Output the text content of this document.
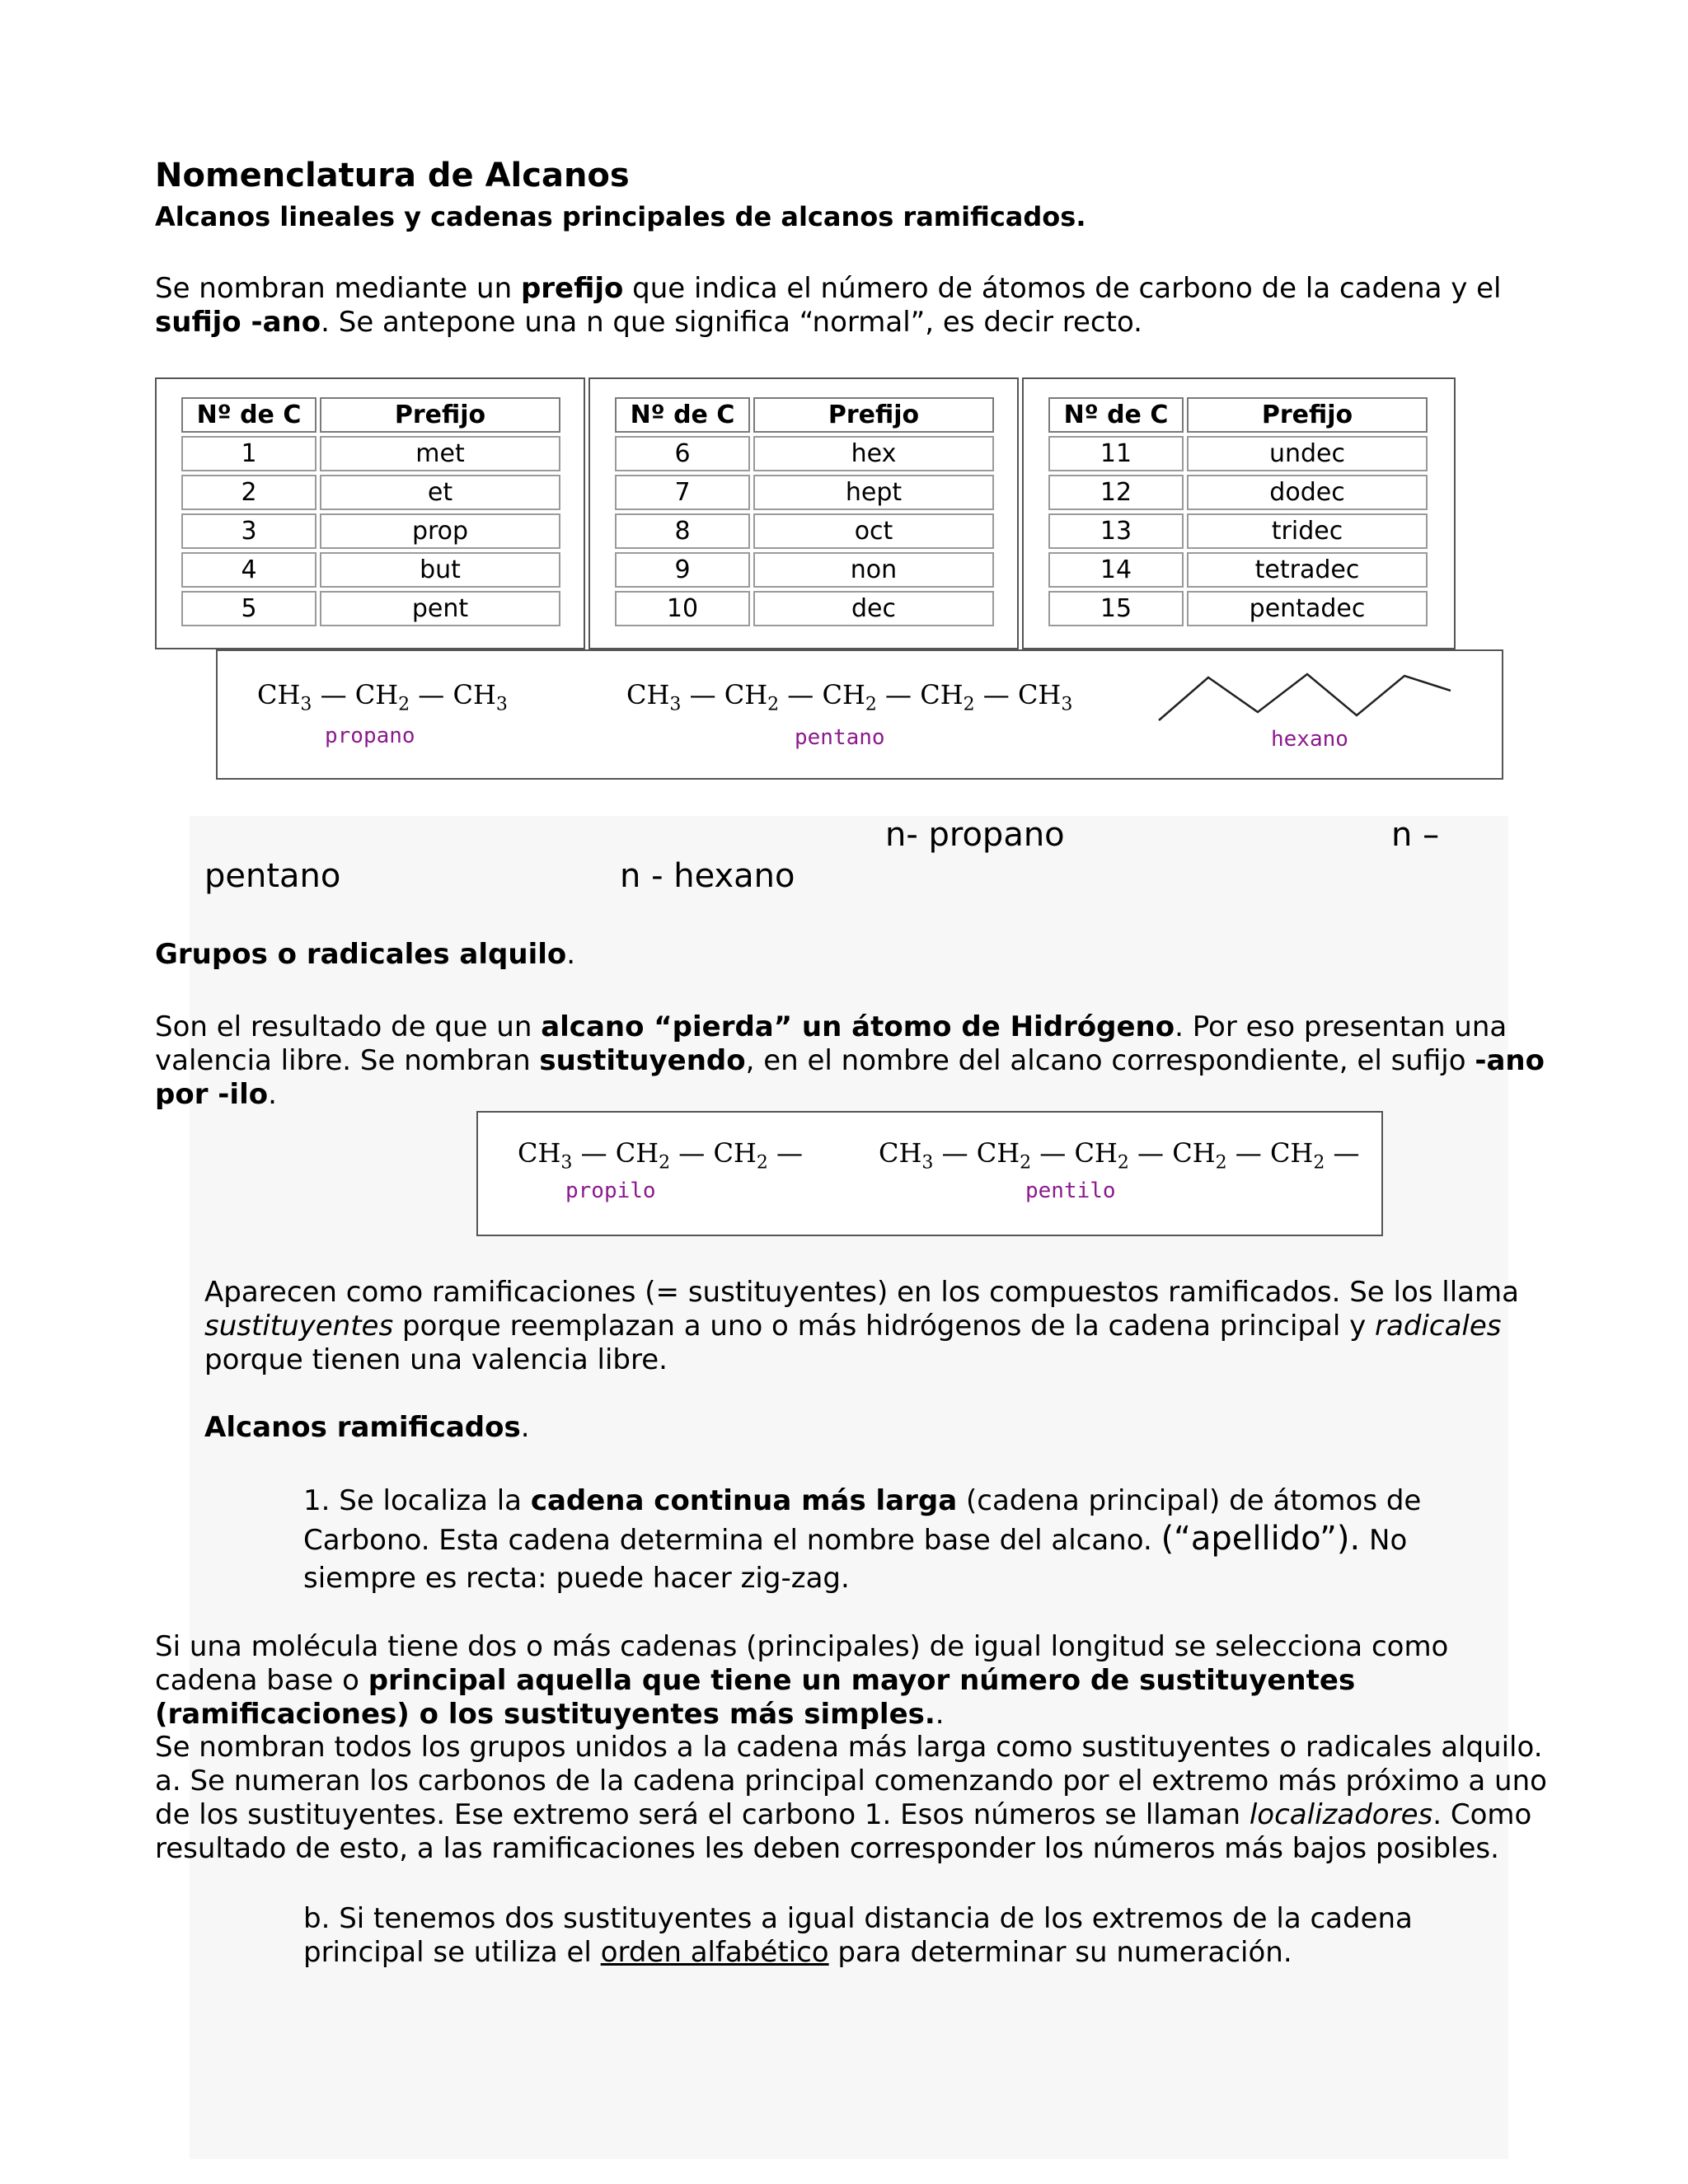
Nomenclatura de Alcanos
Alcanos lineales y cadenas principales de alcanos ramificados.
Se nombran mediante un prefijo que indica el número de átomos de carbono de la cadena y el sufijo -ano. Se antepone una n que significa “normal”, es decir recto.
Nº de C	Prefijo
1	met
2	et
3	prop
4	but
5	pent
Nº de C	Prefijo
6	hex
7	hept
8	oct
9	non
10	dec
Nº de C	Prefijo
11	undec
12	dodec
13	tridec
14	tetradec
15	pentadec
$CH_3$ — $CH_2$ — $CH_3$
propano
$CH_3$ — $CH_2$ — $CH_2$ — $CH_2$ — $CH_3$
pentano	hexano
n- propano	n –
pentano	n - hexano
Grupos o radicales alquilo.
Son el resultado de que un alcano “pierda” un átomo de Hidrógeno. Por eso presentan una valencia libre. Se nombran sustituyendo, en el nombre del alcano correspondiente, el sufijo -ano por -ilo.
$CH_3$ — $CH_2$ — $CH_2$ —
propilo
$CH_3$ — $CH_2$ — $CH_2$ — $CH_2$ — $CH_2$ —
pentilo
Aparecen como ramificaciones (= sustituyentes) en los compuestos ramificados. Se los llama sustituyentes porque reemplazan a uno o más hidrógenos de la cadena principal y radicales porque tienen una valencia libre.
Alcanos ramificados.
1. Se localiza la cadena continua más larga (cadena principal) de átomos de Carbono. Esta cadena determina el nombre base del alcano. (“apellido”). No siempre es recta: puede hacer zig-zag.
Si una molécula tiene dos o más cadenas (principales) de igual longitud se selecciona como cadena base o principal aquella que tiene un mayor número de sustituyentes (ramificaciones) o los sustituyentes más simples..
Se nombran todos los grupos unidos a la cadena más larga como sustituyentes o radicales alquilo.
a. Se numeran los carbonos de la cadena principal comenzando por el extremo más próximo a uno de los sustituyentes. Ese extremo será el carbono 1. Esos números se llaman localizadores. Como resultado de esto, a las ramificaciones les deben corresponder los números más bajos posibles.
b. Si tenemos dos sustituyentes a igual distancia de los extremos de la cadena principal se utiliza el orden alfabético para determinar su numeración.
